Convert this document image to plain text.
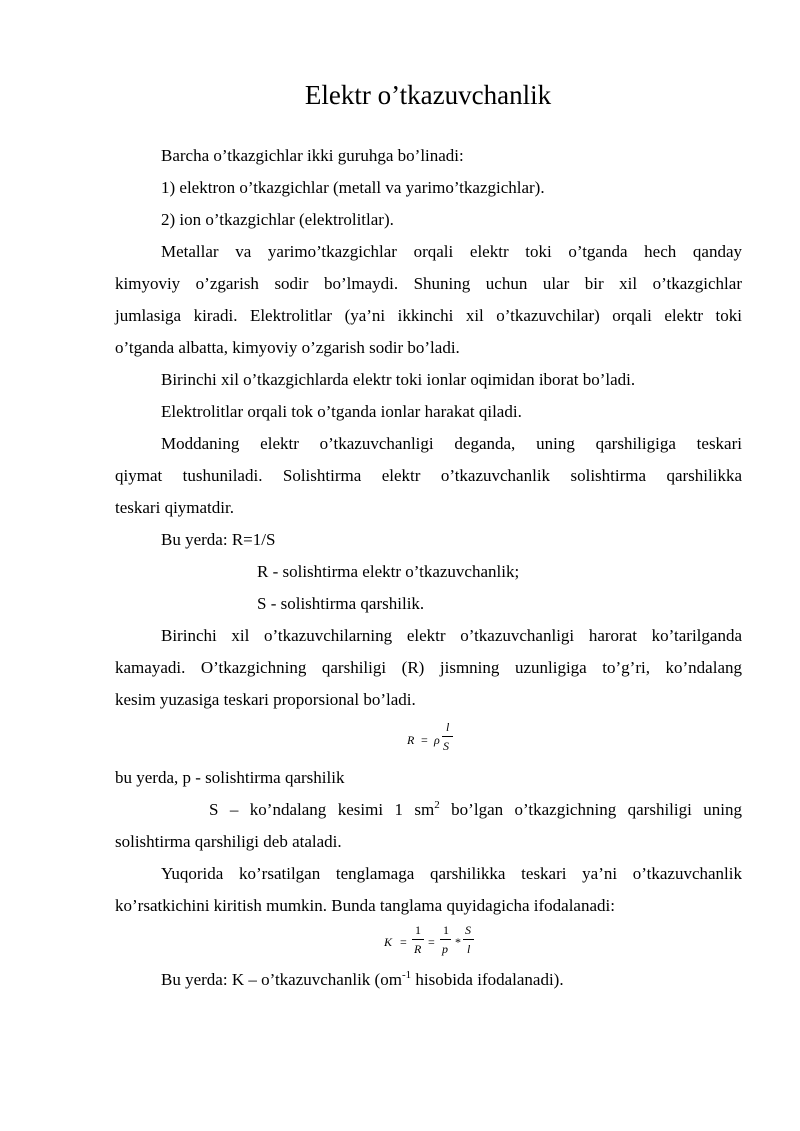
Elektr o’tkazuvchanlik
Barcha o’tkazgichlar ikki guruhga bo’linadi:
1) elektron o’tkazgichlar (metall va yarimo’tkazgichlar).
2) ion o’tkazgichlar (elektrolitlar).
Metallar va yarimo’tkazgichlar orqali elektr toki o’tganda hech qanday
kimyoviy o’zgarish sodir bo’lmaydi. Shuning uchun ular bir xil o’tkazgichlar
jumlasiga kiradi. Elektrolitlar (ya’ni ikkinchi xil o’tkazuvchilar) orqali elektr toki
o’tganda albatta, kimyoviy o’zgarish sodir bo’ladi.
Birinchi xil o’tkazgichlarda elektr toki ionlar oqimidan iborat bo’ladi.
Elektrolitlar orqali tok o’tganda ionlar harakat qiladi.
Moddaning elektr o’tkazuvchanligi deganda, uning qarshiligiga teskari
qiymat tushuniladi. Solishtirma elektr o’tkazuvchanlik solishtirma qarshilikka
teskari qiymatdir.
Bu yerda: R=1/S
R - solishtirma elektr o’tkazuvchanlik;
S - solishtirma qarshilik.
Birinchi xil o’tkazuvchilarning elektr o’tkazuvchanligi harorat ko’tarilganda
kamayadi. O’tkazgichning qarshiligi (R) jismning uzunligiga to’g’ri, ko’ndalang
kesim yuzasiga teskari proporsional bo’ladi.
R = ρ
l
S
bu yerda, p - solishtirma qarshilik
S – ko’ndalang kesimi 1 $sm^2$ bo’lgan o’tkazgichning qarshiligi uning
solishtirma qarshiligi deb ataladi.
Yuqorida ko’rsatilgan tenglamaga qarshilikka teskari ya’ni o’tkazuvchanlik
ko’rsatkichini kiritish mumkin. Bunda tanglama quyidagicha ifodalanadi:
K =
1
R =
1
p *
S
l
Bu yerda: K – o’tkazuvchanlik ($om^{-1}$ hisobida ifodalanadi).
